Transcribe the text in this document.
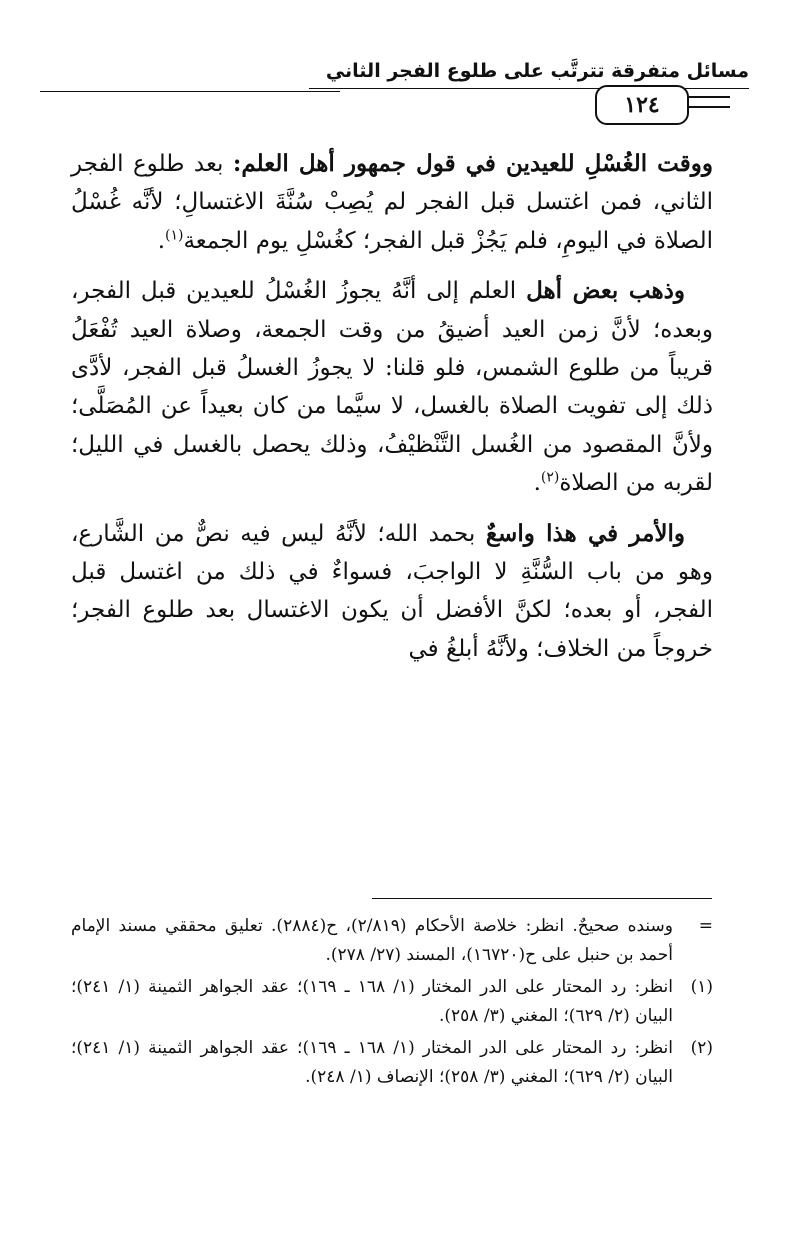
مسائل متفرقة تترتَّب على طلوع الفجر الثاني
١٢٤

ووقت الغُسْلِ للعيدين في قول جمهور أهل العلم: بعد طلوع الفجر الثاني، فمن اغتسل قبل الفجر لم يُصِبْ سُنَّةَ الاغتسالِ؛ لأنَّه غُسْلُ الصلاة في اليومِ، فلم يَجُزْ قبل الفجر؛ كغُسْلِ يوم الجمعة$^{(١)}$.

وذهب بعض أهل العلم إلى أنَّهُ يجوزُ الغُسْلُ للعيدين قبل الفجر، وبعده؛ لأنَّ زمن العيد أضيقُ من وقت الجمعة، وصلاة العيد تُفْعَلُ قريباً من طلوع الشمس، فلو قلنا: لا يجوزُ الغسلُ قبل الفجر، لأدَّى ذلك إلى تفويت الصلاة بالغسل، لا سيَّما من كان بعيداً عن المُصَلَّى؛ ولأنَّ المقصود من الغُسل التَّنْظيْفُ، وذلك يحصل بالغسل في الليل؛ لقربه من الصلاة$^{(٢)}$.

والأمر في هذا واسعٌ بحمد الله؛ لأنَّهُ ليس فيه نصٌّ من الشَّارع، وهو من باب السُّنَّةِ لا الواجبَ، فسواءٌ في ذلك من اغتسل قبل الفجر، أو بعده؛ لكنَّ الأفضل أن يكون الاغتسال بعد طلوع الفجر؛ خروجاً من الخلاف؛ ولأنَّهُ أبلغُ في

=
وسنده صحيحٌ. انظر: خلاصة الأحكام (٢/٨١٩)، ح(٢٨٨٤). تعليق محققي مسند الإمام أحمد بن حنبل على ح(١٦٧٢٠)، المسند (٢٧/ ٢٧٨).
(١)
انظر: رد المحتار على الدر المختار (١/ ١٦٨ ـ ١٦٩)؛ عقد الجواهر الثمينة (١/ ٢٤١)؛ البيان (٢/ ٦٢٩)؛ المغني (٣/ ٢٥٨).
(٢)
انظر: رد المحتار على الدر المختار (١/ ١٦٨ ـ ١٦٩)؛ عقد الجواهر الثمينة (١/ ٢٤١)؛ البيان (٢/ ٦٢٩)؛ المغني (٣/ ٢٥٨)؛ الإنصاف (١/ ٢٤٨).
